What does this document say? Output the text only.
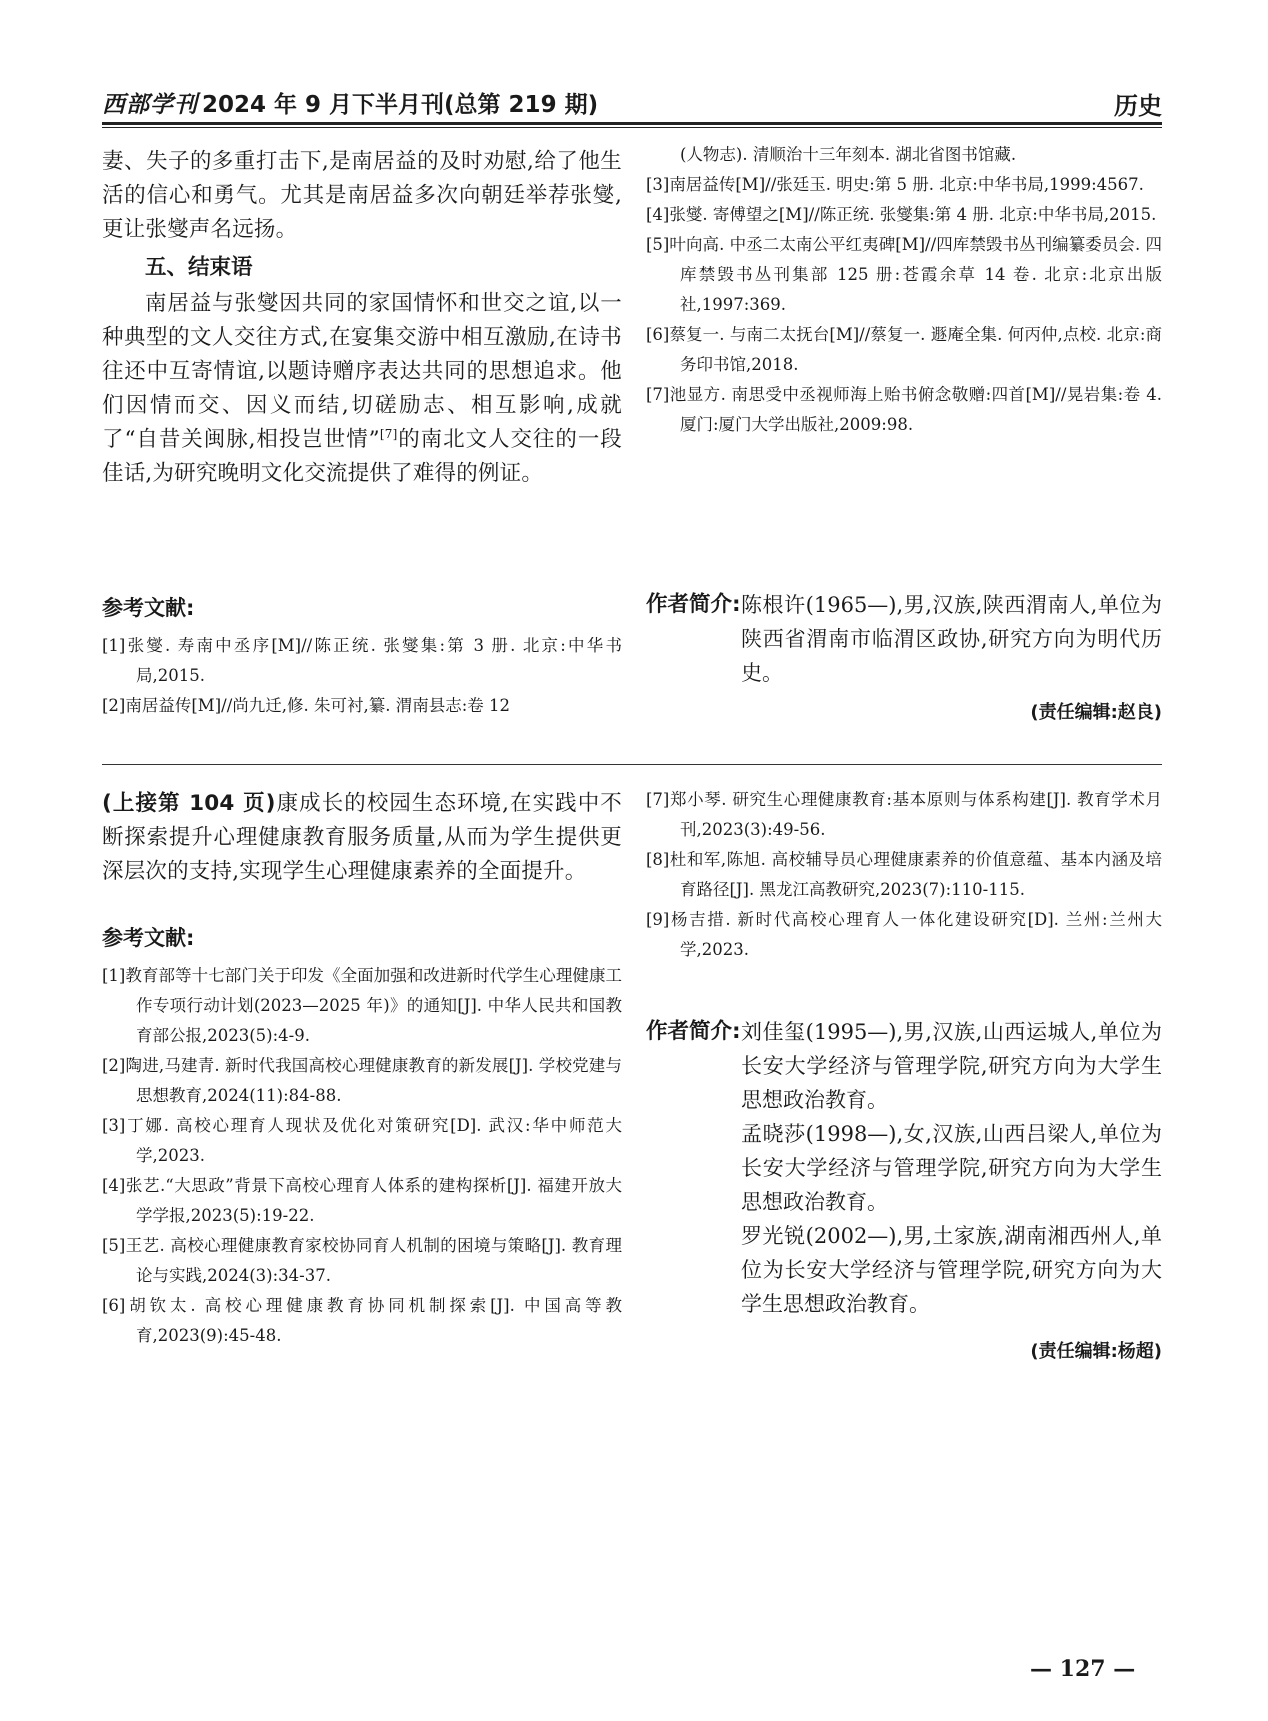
西部学刊 2024 年 9 月下半月刊(总第 219 期)	历史

妻、失子的多重打击下,是南居益的及时劝慰,给了他生活的信心和勇气。尤其是南居益多次向朝廷举荐张燮,更让张燮声名远扬。

五、结束语

南居益与张燮因共同的家国情怀和世交之谊,以一种典型的文人交往方式,在宴集交游中相互激励,在诗书往还中互寄情谊,以题诗赠序表达共同的思想追求。他们因情而交、因义而结,切磋励志、相互影响,成就了“自昔关闽脉,相投岂世情”[7]的南北文人交往的一段佳话,为研究晚明文化交流提供了难得的例证。

参考文献:

[1]张燮. 寿南中丞序[M]//陈正统. 张燮集:第 3 册. 北京:中华书局,2015.

[2]南居益传[M]//尚九迁,修. 朱可衬,纂. 渭南县志:卷 12

(人物志). 清顺治十三年刻本. 湖北省图书馆藏.

[3]南居益传[M]//张廷玉. 明史:第 5 册. 北京:中华书局,1999:4567.

[4]张燮. 寄傅望之[M]//陈正统. 张燮集:第 4 册. 北京:中华书局,2015.

[5]叶向高. 中丞二太南公平红夷碑[M]//四库禁毁书丛刊编纂委员会. 四库禁毁书丛刊集部 125 册:苍霞余草 14 卷. 北京:北京出版社,1997:369.

[6]蔡复一. 与南二太抚台[M]//蔡复一. 遯庵全集. 何丙仲,点校. 北京:商务印书馆,2018.

[7]池显方. 南思受中丞视师海上贻书俯念敬赠:四首[M]//晃岩集:卷 4. 厦门:厦门大学出版社,2009:98.

作者简介: 陈根许(1965—),男,汉族,陕西渭南人,单位为陕西省渭南市临渭区政协,研究方向为明代历史。

(责任编辑:赵良)

(上接第 104 页)康成长的校园生态环境,在实践中不断探索提升心理健康教育服务质量,从而为学生提供更深层次的支持,实现学生心理健康素养的全面提升。

参考文献:

[1]教育部等十七部门关于印发《全面加强和改进新时代学生心理健康工作专项行动计划(2023—2025 年)》的通知[J]. 中华人民共和国教育部公报,2023(5):4-9.

[2]陶进,马建青. 新时代我国高校心理健康教育的新发展[J]. 学校党建与思想教育,2024(11):84-88.

[3]丁娜. 高校心理育人现状及优化对策研究[D]. 武汉:华中师范大学,2023.

[4]张艺.“大思政”背景下高校心理育人体系的建构探析[J]. 福建开放大学学报,2023(5):19-22.

[5]王艺. 高校心理健康教育家校协同育人机制的困境与策略[J]. 教育理论与实践,2024(3):34-37.

[6]胡钦太. 高校心理健康教育协同机制探索[J]. 中国高等教育,2023(9):45-48.

[7]郑小琴. 研究生心理健康教育:基本原则与体系构建[J]. 教育学术月刊,2023(3):49-56.

[8]杜和军,陈旭. 高校辅导员心理健康素养的价值意蕴、基本内涵及培育路径[J]. 黑龙江高教研究,2023(7):110-115.

[9]杨吉措. 新时代高校心理育人一体化建设研究[D]. 兰州:兰州大学,2023.

作者简介: 刘佳玺(1995—),男,汉族,山西运城人,单位为长安大学经济与管理学院,研究方向为大学生思想政治教育。

孟晓莎(1998—),女,汉族,山西吕梁人,单位为长安大学经济与管理学院,研究方向为大学生思想政治教育。

罗光锐(2002—),男,土家族,湖南湘西州人,单位为长安大学经济与管理学院,研究方向为大学生思想政治教育。

(责任编辑:杨超)
— 127 —
